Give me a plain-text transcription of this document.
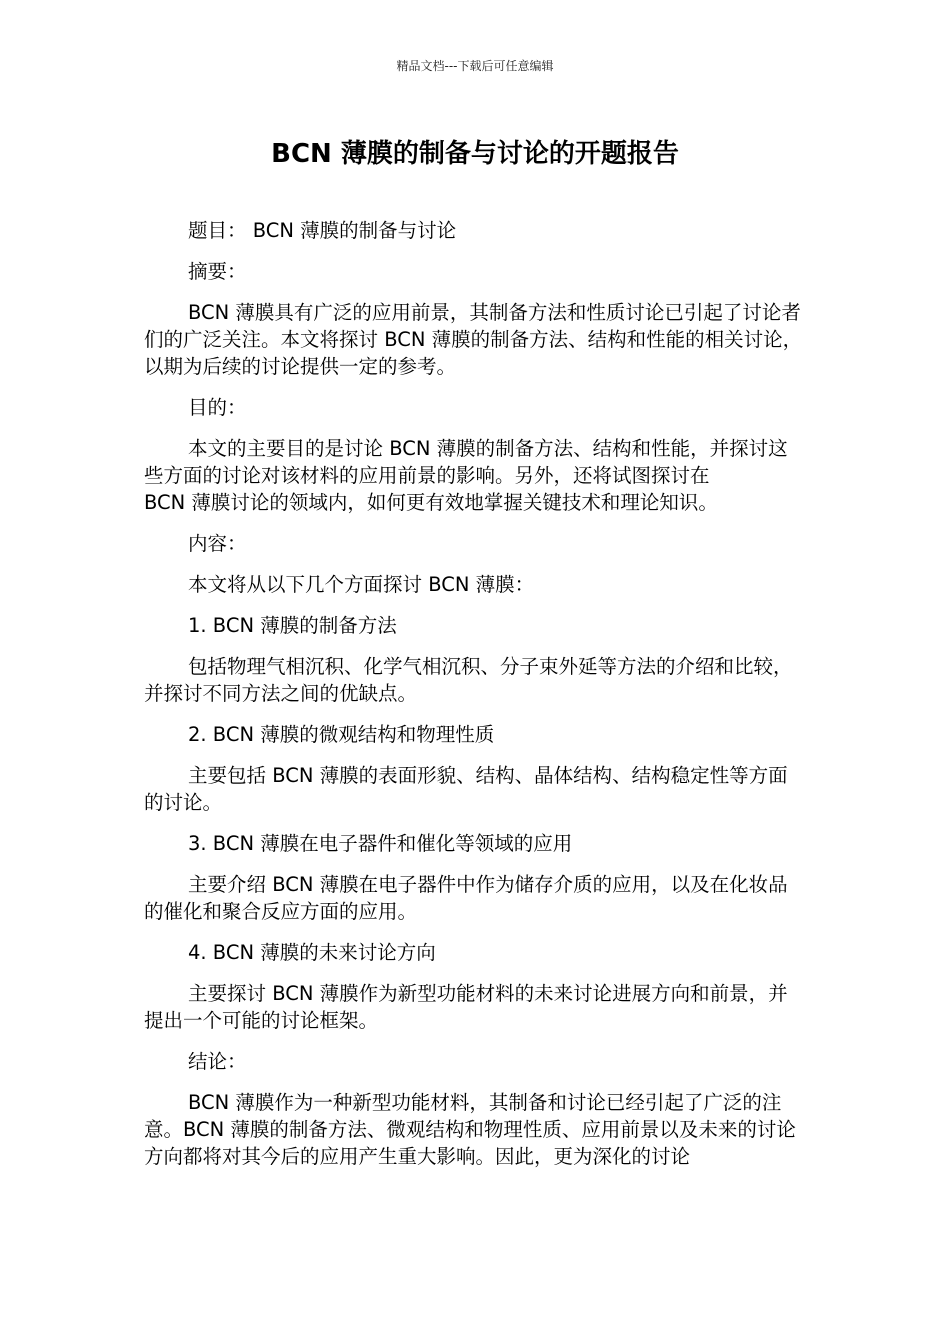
精品文档---下载后可任意编辑
BCN 薄膜的制备与讨论的开题报告

题目： BCN 薄膜的制备与讨论

摘要：

BCN 薄膜具有广泛的应用前景，其制备方法和性质讨论已引起了讨论者们的广泛关注。本文将探讨 BCN 薄膜的制备方法、结构和性能的相关讨论，以期为后续的讨论提供一定的参考。

目的：

本文的主要目的是讨论 BCN 薄膜的制备方法、结构和性能，并探讨这些方面的讨论对该材料的应用前景的影响。另外，还将试图探讨在

BCN 薄膜讨论的领域内，如何更有效地掌握关键技术和理论知识。

内容：

本文将从以下几个方面探讨 BCN 薄膜：

1. BCN 薄膜的制备方法

包括物理气相沉积、化学气相沉积、分子束外延等方法的介绍和比较，并探讨不同方法之间的优缺点。

2. BCN 薄膜的微观结构和物理性质

主要包括 BCN 薄膜的表面形貌、结构、晶体结构、结构稳定性等方面的讨论。

3. BCN 薄膜在电子器件和催化等领域的应用

主要介绍 BCN 薄膜在电子器件中作为储存介质的应用，以及在化妆品的催化和聚合反应方面的应用。

4. BCN 薄膜的未来讨论方向

主要探讨 BCN 薄膜作为新型功能材料的未来讨论进展方向和前景，并提出一个可能的讨论框架。

结论：

BCN 薄膜作为一种新型功能材料，其制备和讨论已经引起了广泛的注意。BCN 薄膜的制备方法、微观结构和物理性质、应用前景以及未来的讨论方向都将对其今后的应用产生重大影响。因此，更为深化的讨论
